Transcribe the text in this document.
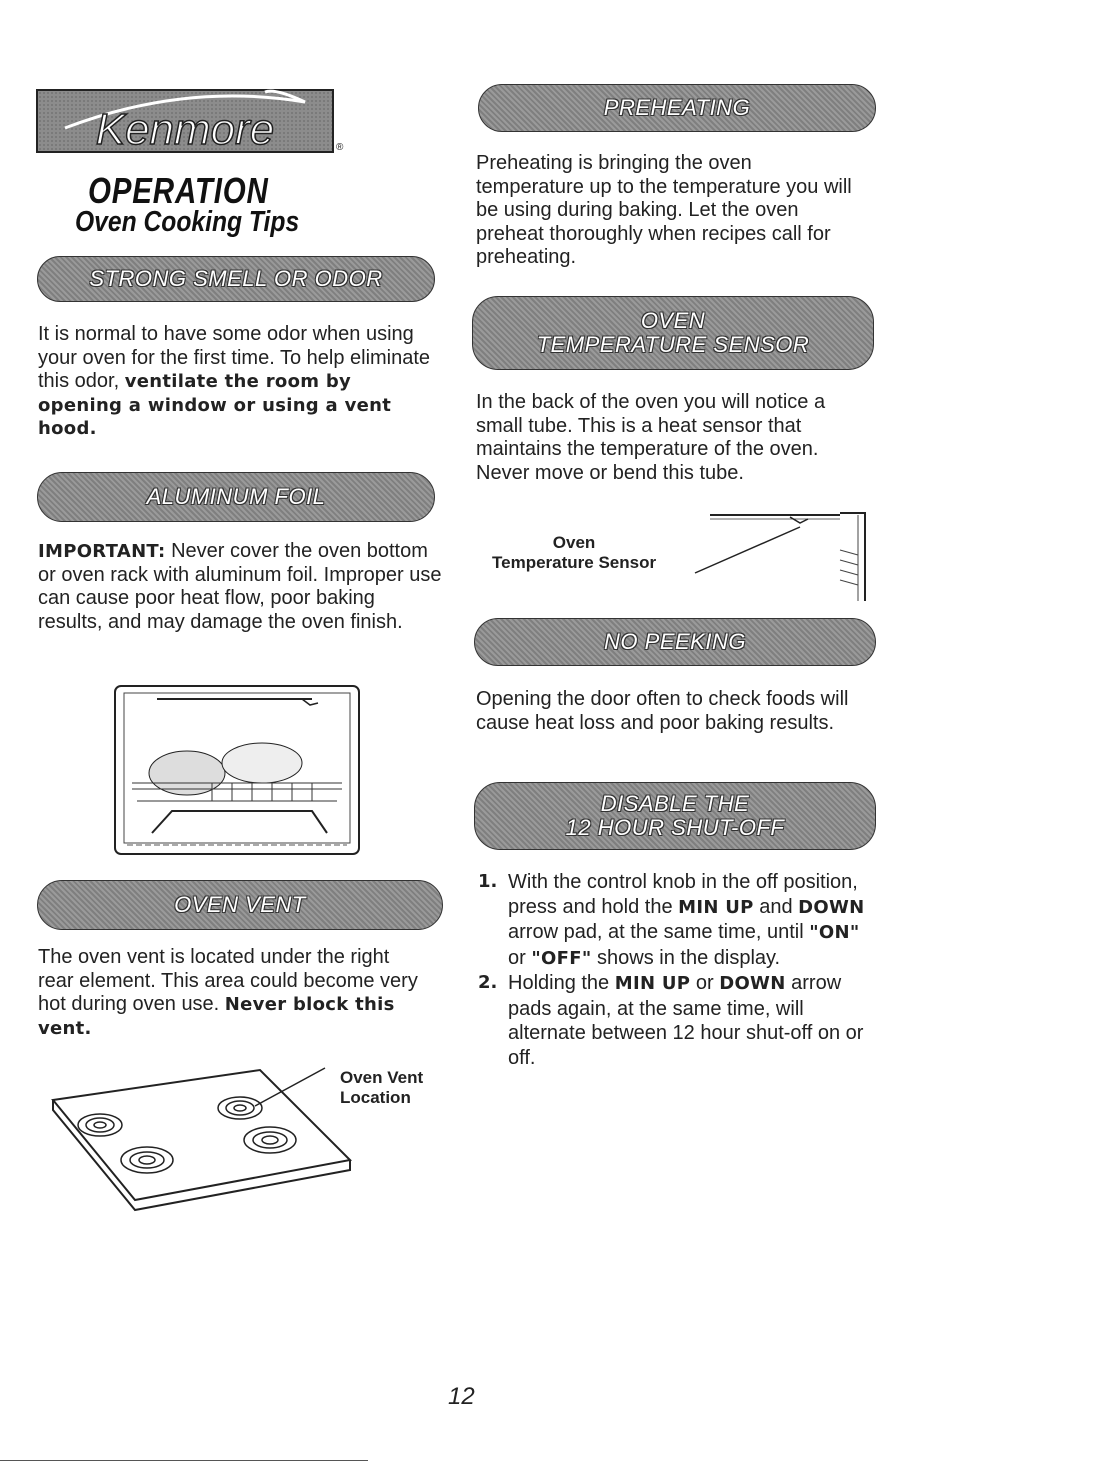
Kenmore	®
OPERATION
Oven Cooking Tips
STRONG SMELL OR ODOR

It is normal to have some odor when using your oven for the first time. To help eliminate this odor, ventilate the room by opening a window or using a vent hood.

ALUMINUM FOIL

IMPORTANT: Never cover the oven bottom or oven rack with aluminum foil. Improper use can cause poor heat flow, poor baking results, and may damage the oven finish.

OVEN VENT

The oven vent is located under the right rear element. This area could become very hot during oven use. Never block this vent.

Oven Vent
Location
PREHEATING

Preheating is bringing the oven temperature up to the temperature you will be using during baking. Let the oven preheat thoroughly when recipes call for preheating.

OVEN
TEMPERATURE SENSOR

In the back of the oven you will notice a small tube. This is a heat sensor that maintains the temperature of the oven. Never move or bend this tube.

Oven
Temperature Sensor
NO PEEKING

Opening the door often to check foods will cause heat loss and poor baking results.

DISABLE THE
12 HOUR SHUT-OFF
1. With the control knob in the off position, press and hold the MIN UP and DOWN arrow pad, at the same time, until "ON" or "OFF" shows in the display.
2. Holding the MIN UP or DOWN arrow pads again, at the same time, will alternate between 12 hour shut-off on or off.
12
